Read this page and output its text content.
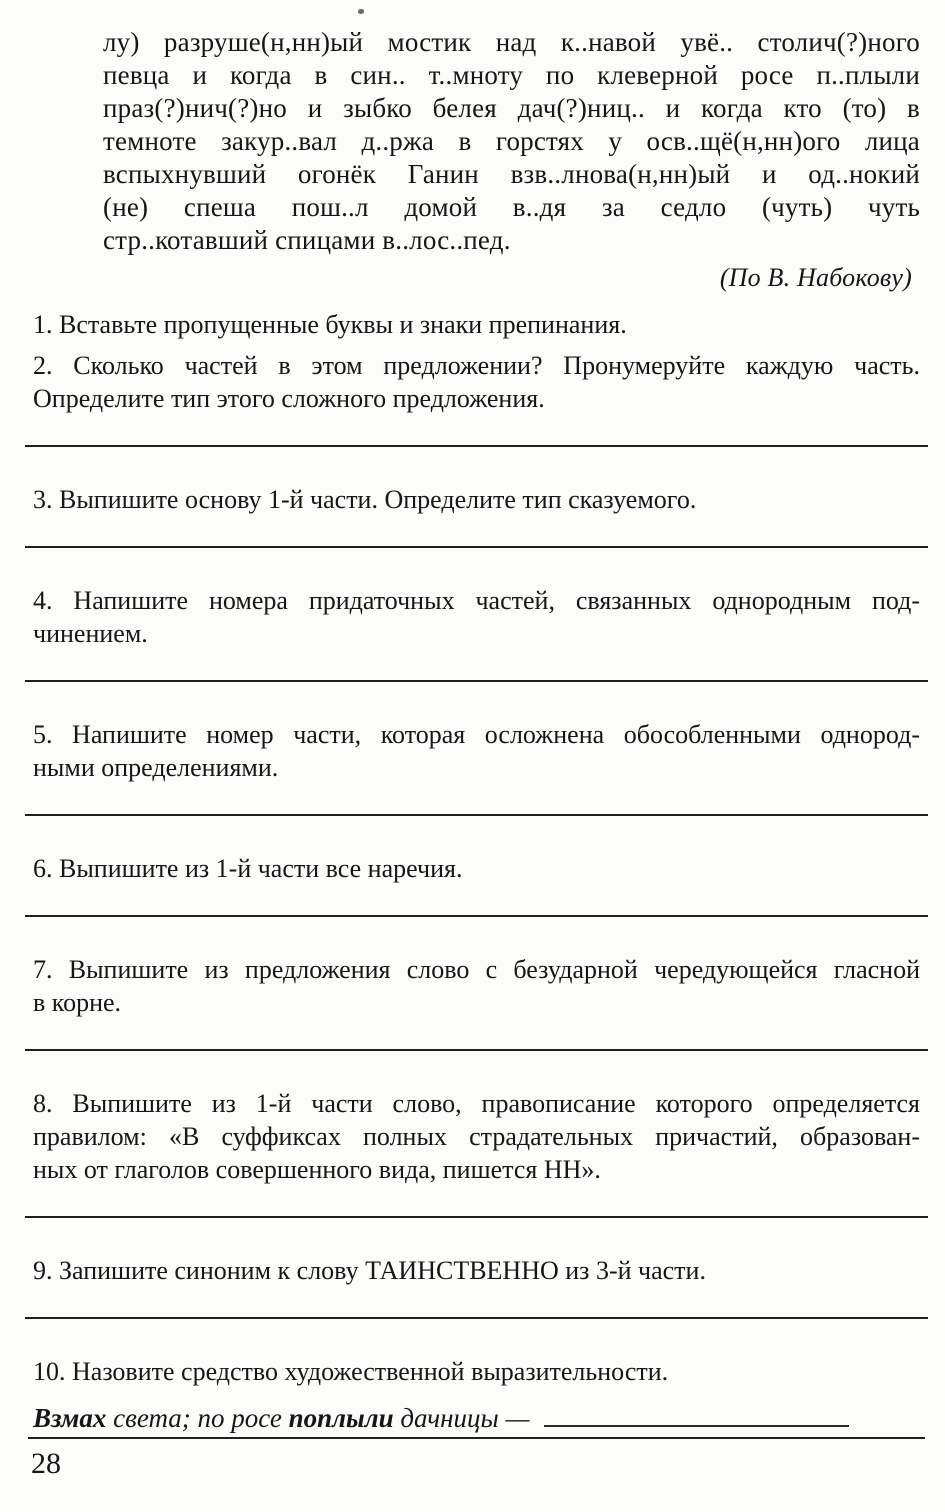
лу) разруше(н,нн)ый мостик над к..навой увё.. столич(?)ного
певца и когда в син.. т..мноту по клеверной росе п..плыли
праз(?)нич(?)но и зыбко белея дач(?)ниц.. и когда кто (то) в
темноте закур..вал д..ржа в горстях у осв..щё(н,нн)ого лица
вспыхнувший огонёк Ганин взв..лнова(н,нн)ый и од..нокий
(не) спеша пош..л домой в..дя за седло (чуть) чуть
стр..котавший спицами в..лос..пед.
(По В. Набокову)
1. Вставьте пропущенные буквы и знаки препинания.
2. Сколько частей в этом предложении? Пронумеруйте каждую часть.
Определите тип этого сложного предложения.
3. Выпишите основу 1-й части. Определите тип сказуемого.
4. Напишите номера придаточных частей, связанных однородным под-
чинением.
5. Напишите номер части, которая осложнена обособленными однород-
ными определениями.
6. Выпишите из 1-й части все наречия.
7. Выпишите из предложения слово с безударной чередующейся гласной
в корне.
8. Выпишите из 1-й части слово, правописание которого определяется
правилом: «В суффиксах полных страдательных причастий, образован-
ных от глаголов совершенного вида, пишется НН».
9. Запишите синоним к слову ТАИНСТВЕННО из 3-й части.
10. Назовите средство художественной выразительности.
Взмах света; по росе поплыли дачницы —
28
